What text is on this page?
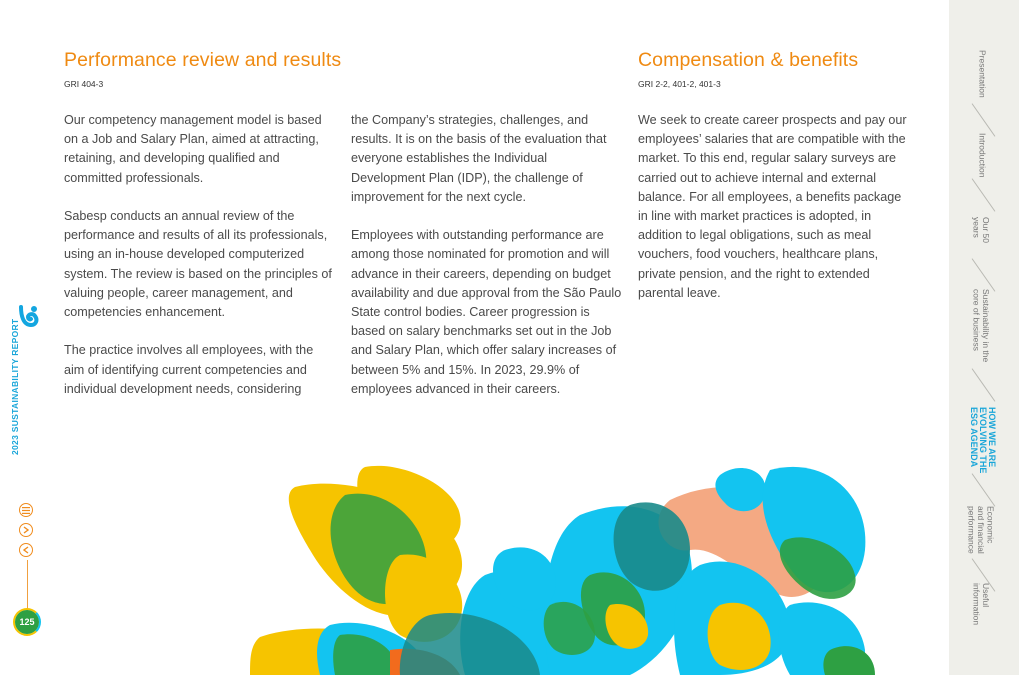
Performance review and results
GRI 404-3

Our competency management model is based on a Job and Salary Plan, aimed at attracting, retaining, and developing qualified and committed professionals.

Sabesp conducts an annual review of the performance and results of all its professionals, using an in-house developed computerized system. The review is based on the principles of valuing people, career management, and competencies enhancement.

The practice involves all employees, with the aim of identifying current competencies and individual development needs, considering

the Company’s strategies, challenges, and results. It is on the basis of the evaluation that everyone establishes the Individual Development Plan (IDP), the challenge of improvement for the next cycle.

Employees with outstanding performance are among those nominated for promotion and will advance in their careers, depending on budget availability and due approval from the São Paulo State control bodies. Career progression is based on salary benchmarks set out in the Job and Salary Plan, which offer salary increases of between 5% and 15%. In 2023, 29.9% of employees advanced in their careers.

Compensation & benefits
GRI 2-2, 401-2, 401-3

We seek to create career prospects and pay our employees’ salaries that are compatible with the market. To this end, regular salary surveys are carried out to achieve internal and external balance. For all employees, a benefits package in line with market practices is adopted, in addition to legal obligations, such as meal vouchers, food vouchers, healthcare plans, private pension, and the right to extended parental leave.

2023 SUSTAINABILITY REPORT
125
Presentation
Introduction
Our 50
years
Sustainability in the
core of business
HOW WE ARE
EVOLVING THE
ESG AGENDA
Economic
and financial
performance
Useful
information
